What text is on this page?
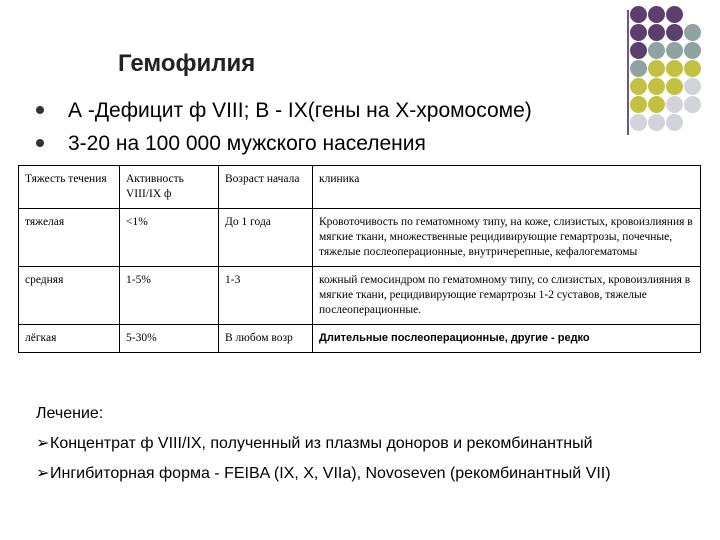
Гемофилия
А -Дефицит ф VIII; В - IX(гены на Х-хромосоме)
3-20 на 100 000 мужского населения
Тяжесть течения	Активность VIII/IX ф	Возраст начала	клиника
тяжелая	<1%	До 1 года	Кровоточивость по гематомному типу, на коже, слизистых, кровоизлияния в мягкие ткани, множественные рецидивирующие гемартрозы, почечные, тяжелые послеоперационные, внутричерепные, кефалогематомы
средняя	1-5%	1-3	кожный гемосиндром по гематомному типу, со слизистых, кровоизлияния в мягкие ткани, рецидивирующие гемартрозы 1-2 суставов, тяжелые послеоперационные.
лёгкая	5-30%	В любом возр	Длительные послеоперационные, другие - редко
Лечение:
➢Концентрат ф VIII/IX, полученный из плазмы доноров и рекомбинантный
➢Ингибиторная форма - FEIBA (IX, X, VIIa), Novoseven (рекомбинантный VII)
